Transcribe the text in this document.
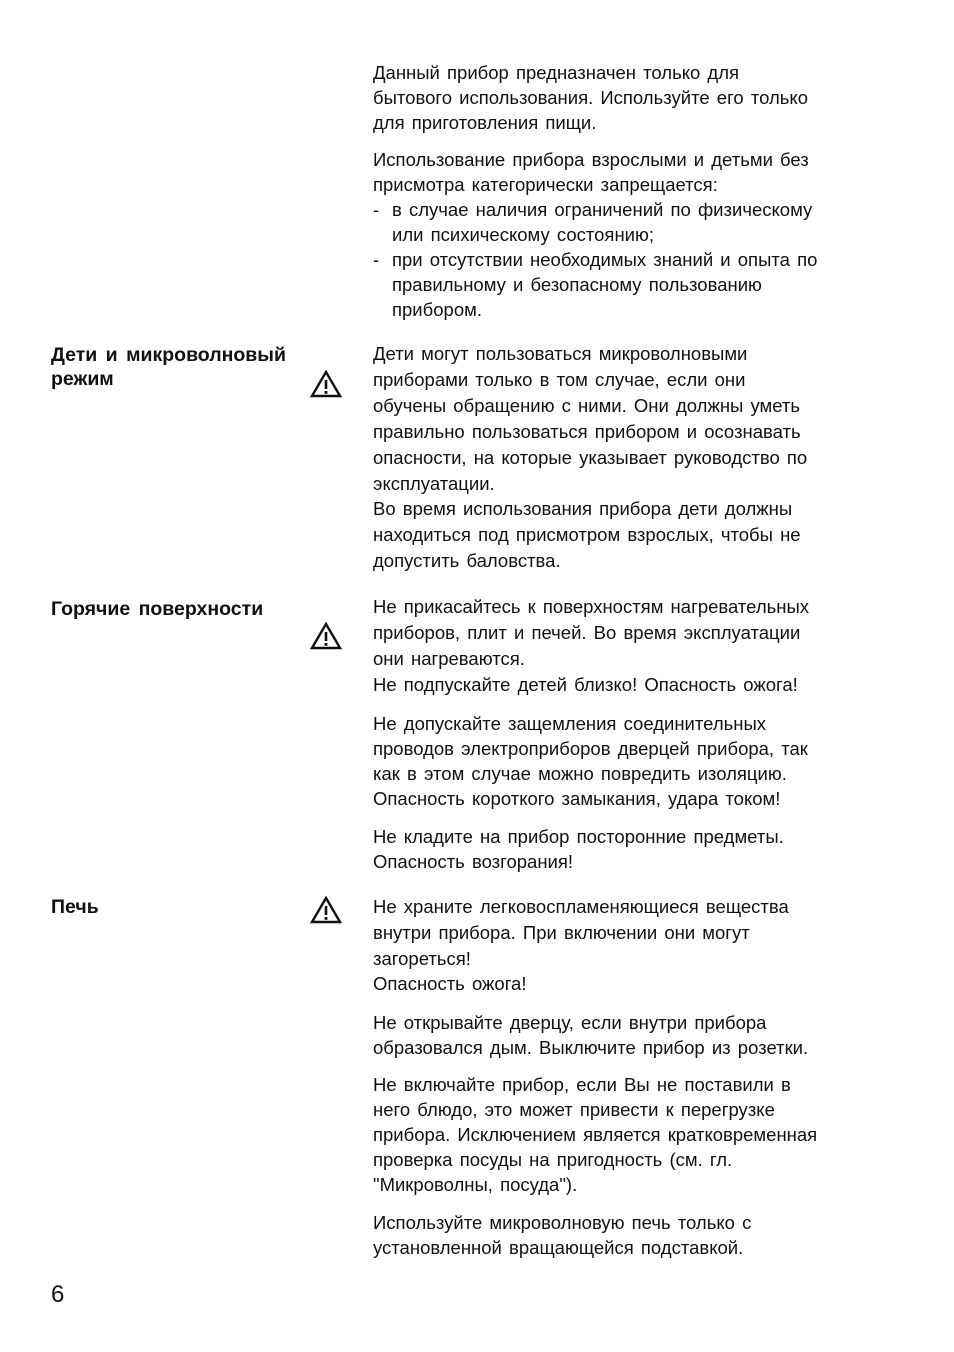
Данный прибор предназначен только для
бытового использования. Используйте его только
для приготовления пищи.

Использование прибора взрослыми и детьми без
присмотра категорически запрещается:

- в случае наличия ограничений по физическому
или психическому состоянию;
- при отсутствии необходимых знаний и опыта по
правильному и безопасному пользованию
прибором.
Дети и микроволновый
режим

Дети могут пользоваться микроволновыми
приборами только в том случае, если они
обучены обращению с ними. Они должны уметь
правильно пользоваться прибором и осознавать
опасности, на которые указывает руководство по
эксплуатации.
Во время использования прибора дети должны
находиться под присмотром взрослых, чтобы не
допустить баловства.

Горячие поверхности	Не прикасайтесь к поверхностям нагревательных
приборов, плит и печей. Во время эксплуатации
они нагреваются.
Не подпускайте детей близко! Опасность ожога!

Не допускайте защемления соединительных
проводов электроприборов дверцей прибора, так
как в этом случае можно повредить изоляцию.
Опасность короткого замыкания, удара током!

Не кладите на прибор посторонние предметы.
Опасность возгорания!

Печь	Не храните легковоспламеняющиеся вещества
внутри прибора. При включении они могут
загореться!
Опасность ожога!

Не открывайте дверцу, если внутри прибора
образовался дым. Выключите прибор из розетки.

Не включайте прибор, если Вы не поставили в
него блюдо, это может привести к перегрузке
прибора. Исключением является кратковременная
проверка посуды на пригодность (см. гл.
"Микроволны, посуда").

Используйте микроволновую печь только с
установленной вращающейся подставкой.

6
